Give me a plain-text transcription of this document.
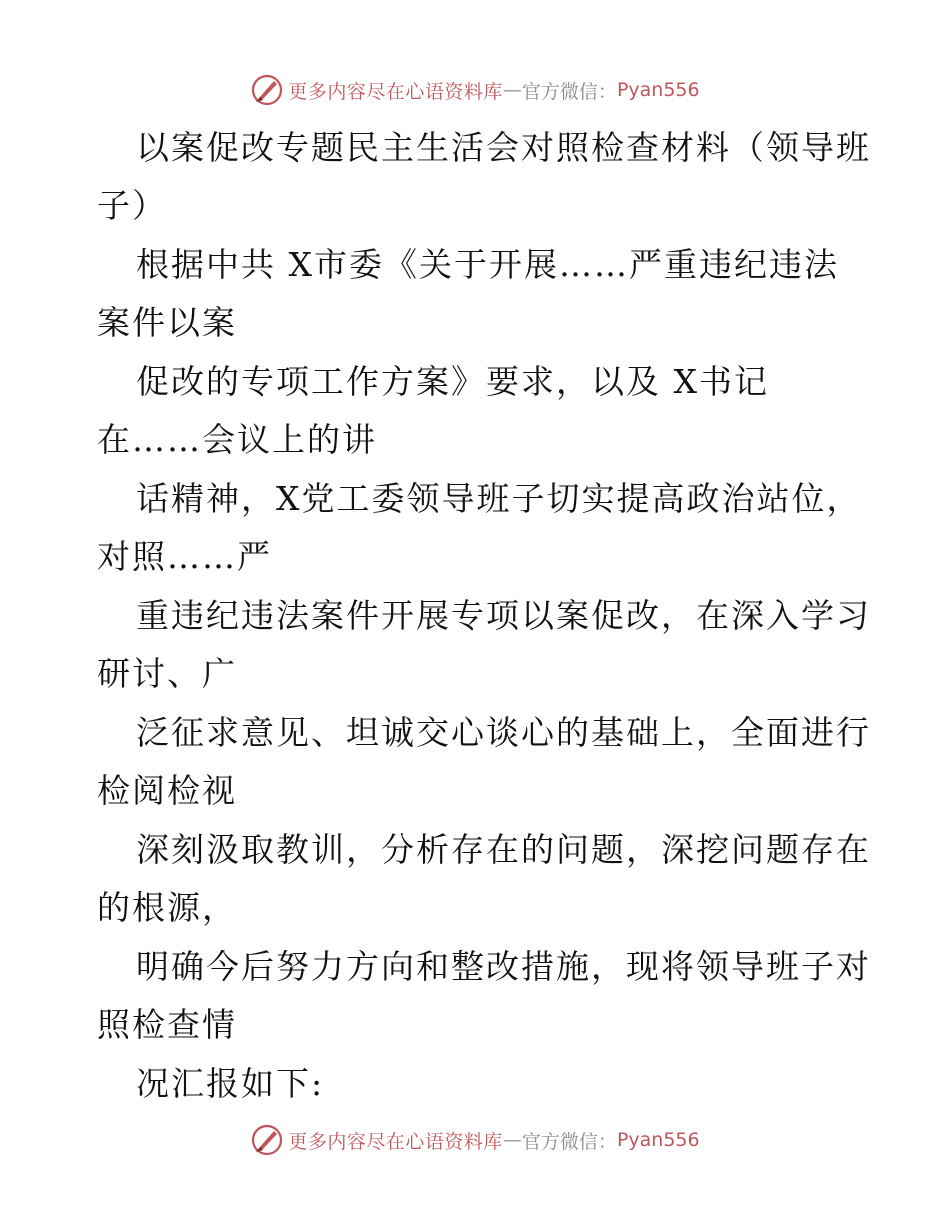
更多内容尽在心语资料库 — 官方微信： Pyan556
以案促改专题民主生活会对照检查材料（领导班
子）
根据中共 X市委《关于开展……严重违纪违法
案件以案
促改的专项工作方案》要求，以及 X书记
在……会议上的讲
话精神，X党工委领导班子切实提高政治站位，
对照……严
重违纪违法案件开展专项以案促改，在深入学习
研讨、广
泛征求意见、坦诚交心谈心的基础上，全面进行
检阅检视
深刻汲取教训，分析存在的问题，深挖问题存在
的根源，
明确今后努力方向和整改措施，现将领导班子对
照检查情
况汇报如下:
更多内容尽在心语资料库 — 官方微信： Pyan556
